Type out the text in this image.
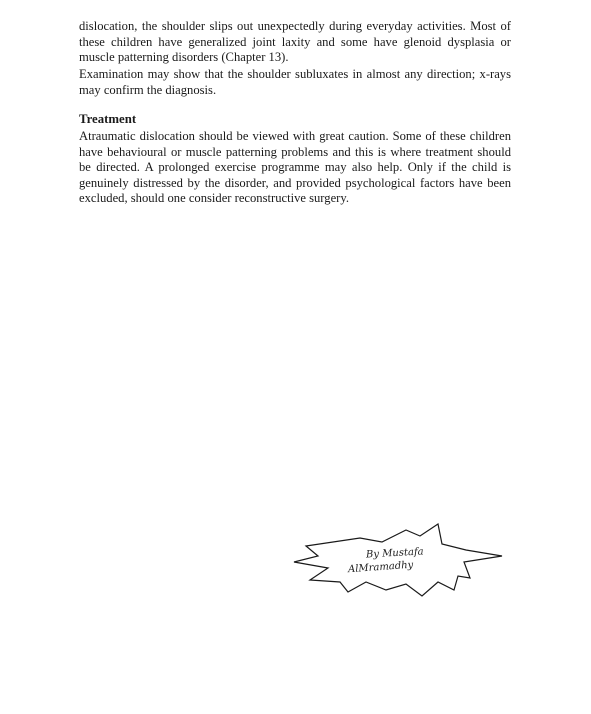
dislocation, the shoulder slips out unexpectedly during everyday activities. Most of these children have generalized joint laxity and some have glenoid dysplasia or muscle patterning disorders (Chapter 13).

Examination may show that the shoulder subluxates in almost any direction; x-rays may confirm the diagnosis.

Treatment

Atraumatic dislocation should be viewed with great caution. Some of these children have behavioural or muscle patterning problems and this is where treatment should be directed. A prolonged exercise programme may also help. Only if the child is genuinely distressed by the disorder, and provided psychological factors have been excluded, should one consider reconstructive surgery.

By Mustafa
AlMramadhy
